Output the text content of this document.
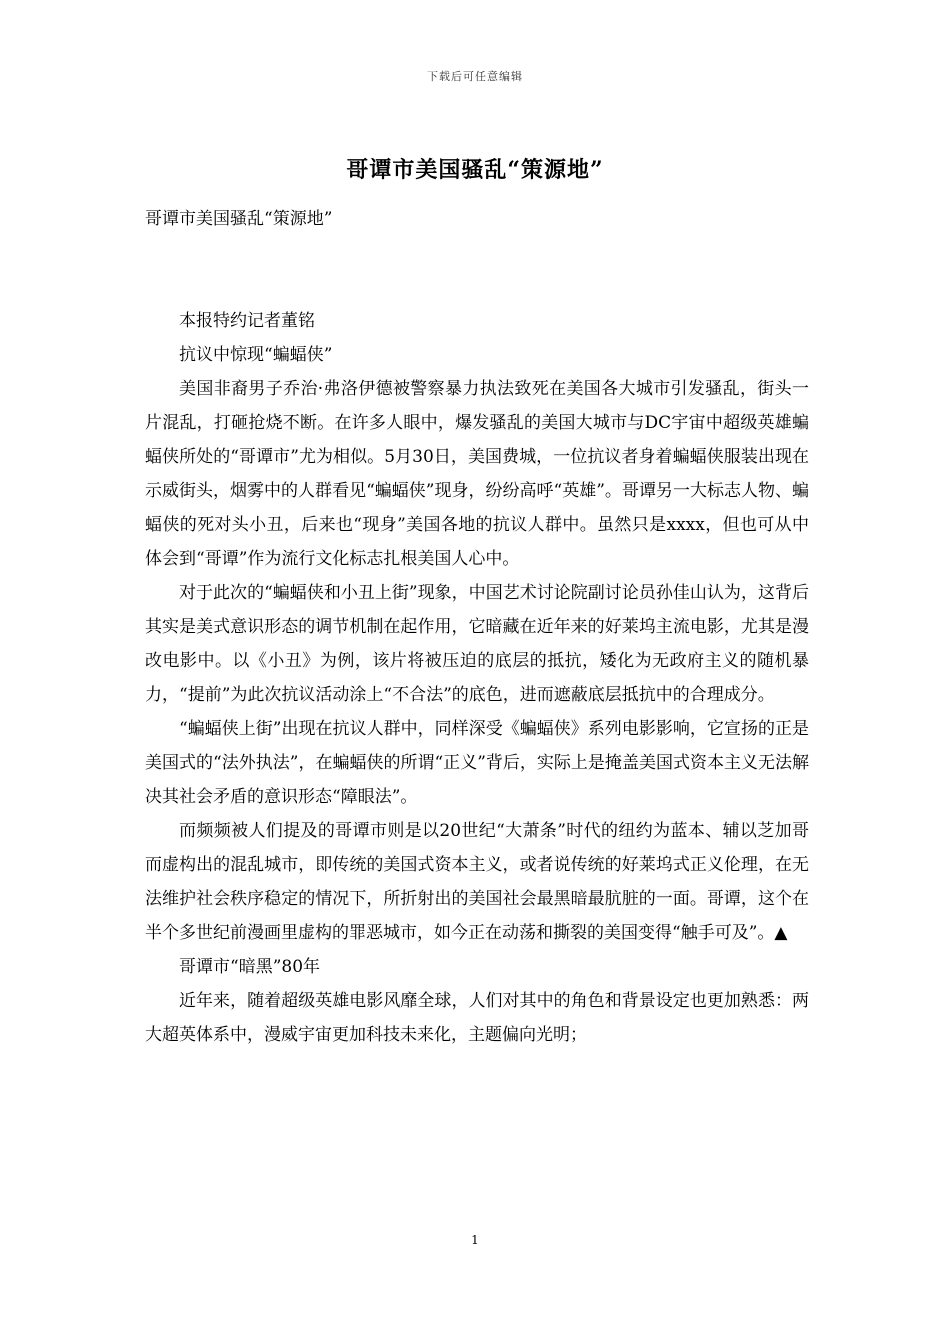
下载后可任意编辑
哥谭市美国骚乱“策源地”

哥谭市美国骚乱“策源地”

本报特约记者董铭

抗议中惊现“蝙蝠侠”

美国非裔男子乔治·弗洛伊德被警察暴力执法致死在美国各大城市引发骚乱，街头一片混乱，打砸抢烧不断。在许多人眼中，爆发骚乱的美国大城市与DC宇宙中超级英雄蝙蝠侠所处的“哥谭市”尤为相似。5月30日，美国费城，一位抗议者身着蝙蝠侠服装出现在示威街头，烟雾中的人群看见“蝙蝠侠”现身，纷纷高呼“英雄”。哥谭另一大标志人物、蝙蝠侠的死对头小丑，后来也“现身”美国各地的抗议人群中。虽然只是xxxx，但也可从中体会到“哥谭”作为流行文化标志扎根美国人心中。

对于此次的“蝙蝠侠和小丑上街”现象，中国艺术讨论院副讨论员孙佳山认为，这背后其实是美式意识形态的调节机制在起作用，它暗藏在近年来的好莱坞主流电影，尤其是漫改电影中。以《小丑》为例，该片将被压迫的底层的抵抗，矮化为无政府主义的随机暴力，“提前”为此次抗议活动涂上“不合法”的底色，进而遮蔽底层抵抗中的合理成分。

“蝙蝠侠上街”出现在抗议人群中，同样深受《蝙蝠侠》系列电影影响，它宣扬的正是美国式的“法外执法”，在蝙蝠侠的所谓“正义”背后，实际上是掩盖美国式资本主义无法解决其社会矛盾的意识形态“障眼法”。

而频频被人们提及的哥谭市则是以20世纪“大萧条”时代的纽约为蓝本、辅以芝加哥而虚构出的混乱城市，即传统的美国式资本主义，或者说传统的好莱坞式正义伦理，在无法维护社会秩序稳定的情况下，所折射出的美国社会最黑暗最肮脏的一面。哥谭，这个在半个多世纪前漫画里虚构的罪恶城市，如今正在动荡和撕裂的美国变得“触手可及”。▲

哥谭市“暗黑”80年

近年来，随着超级英雄电影风靡全球，人们对其中的角色和背景设定也更加熟悉：两大超英体系中，漫威宇宙更加科技未来化，主题偏向光明；

1
